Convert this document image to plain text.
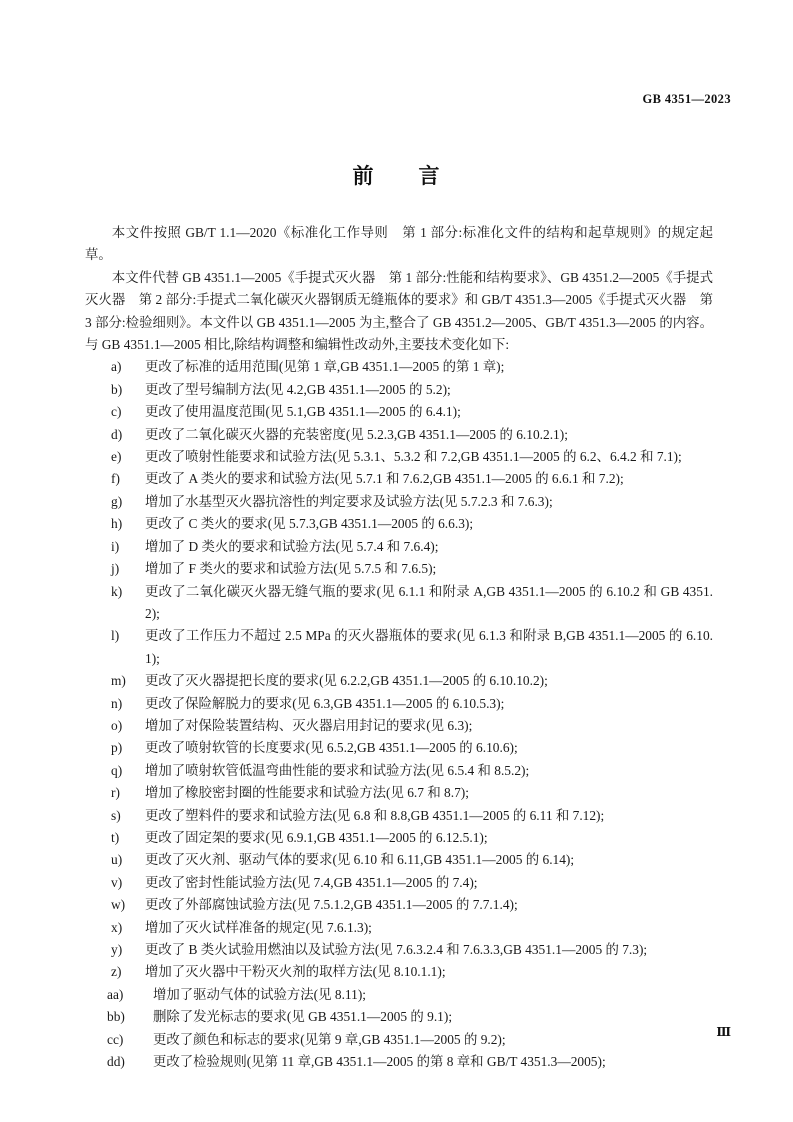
GB 4351—2023
前　　言

本文件按照 GB/T 1.1—2020《标准化工作导则　第 1 部分:标准化文件的结构和起草规则》的规定起草。

本文件代替 GB 4351.1—2005《手提式灭火器　第 1 部分:性能和结构要求》、GB 4351.2—2005《手提式灭火器　第 2 部分:手提式二氧化碳灭火器钢质无缝瓶体的要求》和 GB/T 4351.3—2005《手提式灭火器　第 3 部分:检验细则》。本文件以 GB 4351.1—2005 为主,整合了 GB 4351.2—2005、GB/T 4351.3—2005 的内容。与 GB 4351.1—2005 相比,除结构调整和编辑性改动外,主要技术变化如下:

a)	更改了标准的适用范围(见第 1 章,GB 4351.1—2005 的第 1 章);
b)	更改了型号编制方法(见 4.2,GB 4351.1—2005 的 5.2);
c)	更改了使用温度范围(见 5.1,GB 4351.1—2005 的 6.4.1);
d)	更改了二氧化碳灭火器的充装密度(见 5.2.3,GB 4351.1—2005 的 6.10.2.1);
e)	更改了喷射性能要求和试验方法(见 5.3.1、5.3.2 和 7.2,GB 4351.1—2005 的 6.2、6.4.2 和 7.1);
f)	更改了 A 类火的要求和试验方法(见 5.7.1 和 7.6.2,GB 4351.1—2005 的 6.6.1 和 7.2);
g)	增加了水基型灭火器抗溶性的判定要求及试验方法(见 5.7.2.3 和 7.6.3);
h)	更改了 C 类火的要求(见 5.7.3,GB 4351.1—2005 的 6.6.3);
i)	增加了 D 类火的要求和试验方法(见 5.7.4 和 7.6.4);
j)	增加了 F 类火的要求和试验方法(见 5.7.5 和 7.6.5);
k)	更改了二氧化碳灭火器无缝气瓶的要求(见 6.1.1 和附录 A,GB 4351.1—2005 的 6.10.2 和 GB 4351.2);
l)	更改了工作压力不超过 2.5 MPa 的灭火器瓶体的要求(见 6.1.3 和附录 B,GB 4351.1—2005 的 6.10.1);
m)	更改了灭火器提把长度的要求(见 6.2.2,GB 4351.1—2005 的 6.10.10.2);
n)	更改了保险解脱力的要求(见 6.3,GB 4351.1—2005 的 6.10.5.3);
o)	增加了对保险装置结构、灭火器启用封记的要求(见 6.3);
p)	更改了喷射软管的长度要求(见 6.5.2,GB 4351.1—2005 的 6.10.6);
q)	增加了喷射软管低温弯曲性能的要求和试验方法(见 6.5.4 和 8.5.2);
r)	增加了橡胶密封圈的性能要求和试验方法(见 6.7 和 8.7);
s)	更改了塑料件的要求和试验方法(见 6.8 和 8.8,GB 4351.1—2005 的 6.11 和 7.12);
t)	更改了固定架的要求(见 6.9.1,GB 4351.1—2005 的 6.12.5.1);
u)	更改了灭火剂、驱动气体的要求(见 6.10 和 6.11,GB 4351.1—2005 的 6.14);
v)	更改了密封性能试验方法(见 7.4,GB 4351.1—2005 的 7.4);
w)	更改了外部腐蚀试验方法(见 7.5.1.2,GB 4351.1—2005 的 7.7.1.4);
x)	增加了灭火试样准备的规定(见 7.6.1.3);
y)	更改了 B 类火试验用燃油以及试验方法(见 7.6.3.2.4 和 7.6.3.3,GB 4351.1—2005 的 7.3);
z)	增加了灭火器中干粉灭火剂的取样方法(见 8.10.1.1);
aa)	增加了驱动气体的试验方法(见 8.11);
bb)	删除了发光标志的要求(见 GB 4351.1—2005 的 9.1);
cc)	更改了颜色和标志的要求(见第 9 章,GB 4351.1—2005 的 9.2);
dd)	更改了检验规则(见第 11 章,GB 4351.1—2005 的第 8 章和 GB/T 4351.3—2005);
Ⅲ
